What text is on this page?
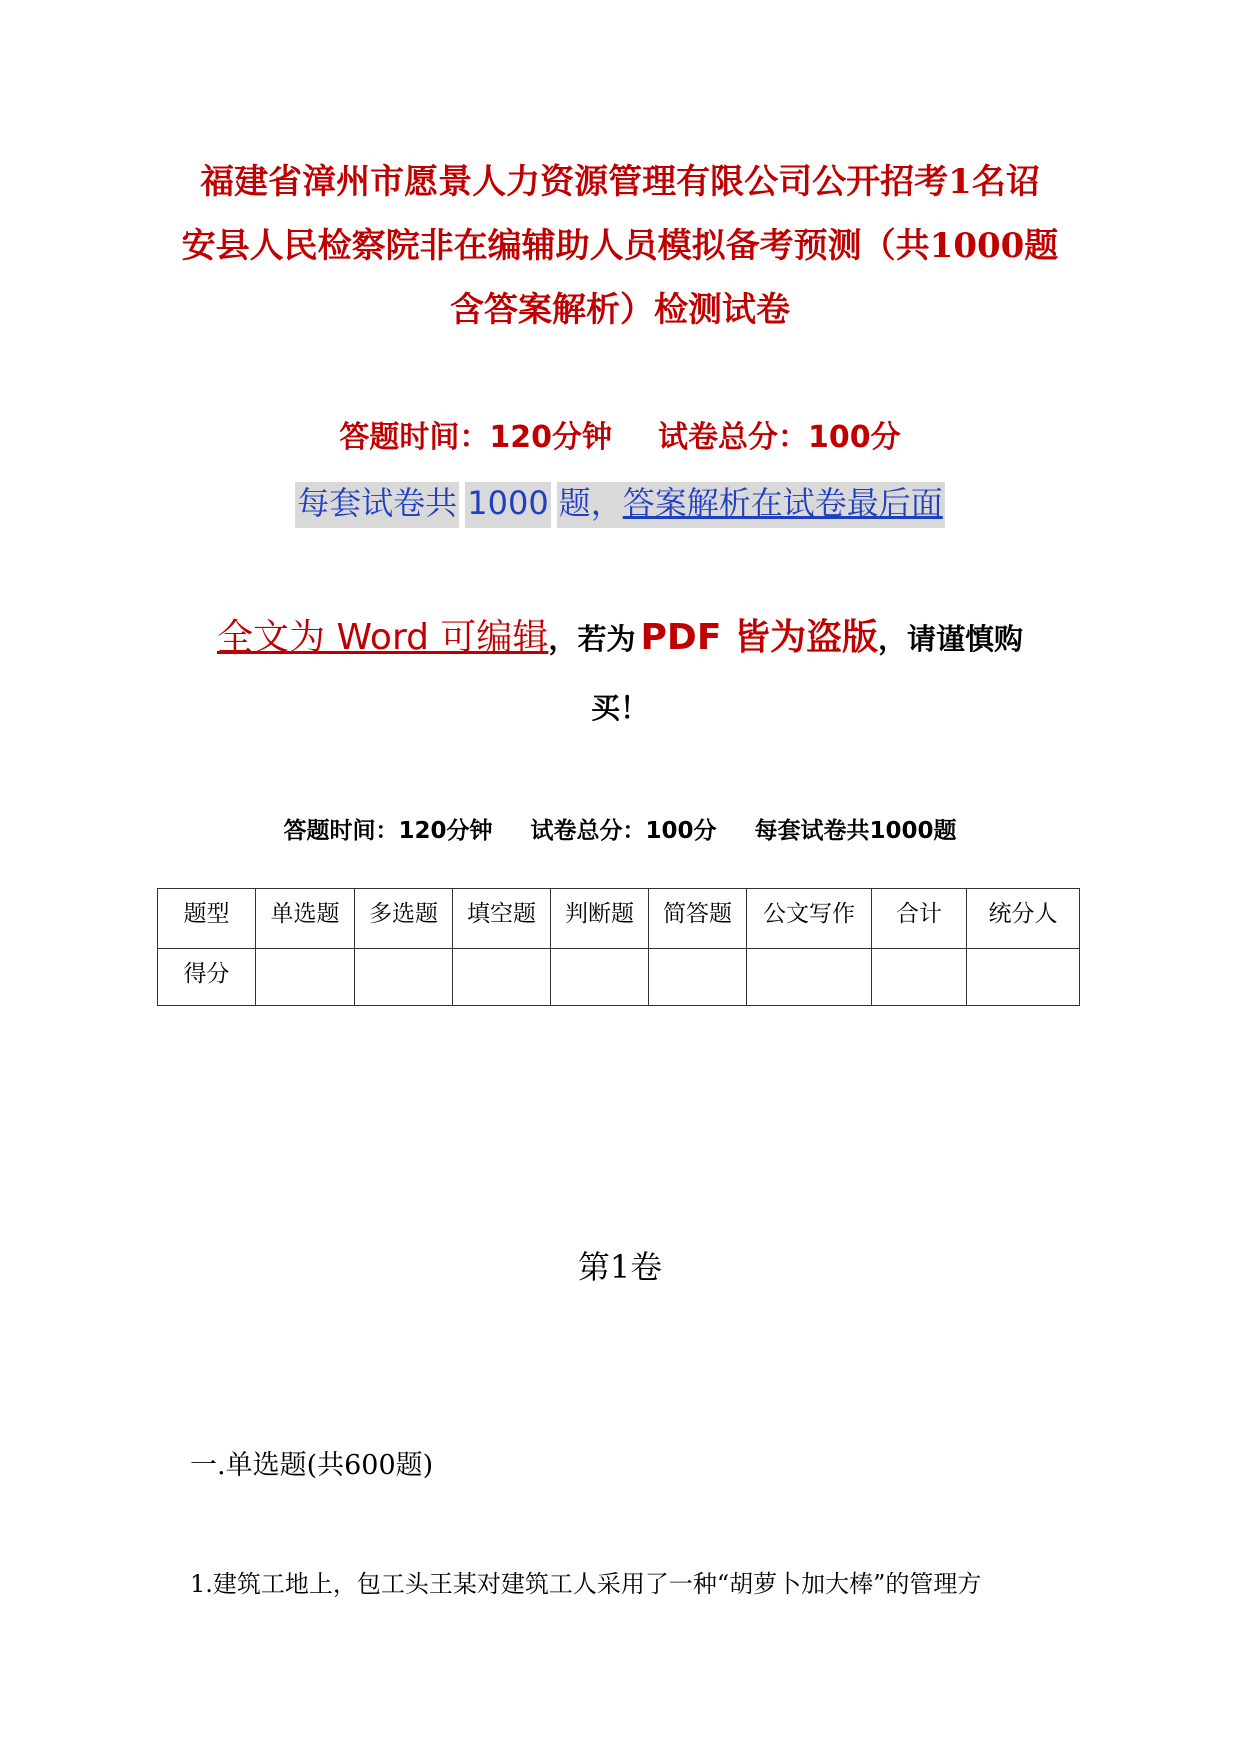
福建省漳州市愿景人力资源管理有限公司公开招考1名诏
安县人民检察院非在编辅助人员模拟备考预测（共1000题
含答案解析）检测试卷
答题时间：120分钟 试卷总分：100分
每套试卷共 1000 题，答案解析在试卷最后面
全文为 Word 可编辑，若为 PDF 皆为盗版，请谨慎购买！
答题时间：120分钟 试卷总分：100分 每套试卷共1000题
题型	单选题	多选题	填空题	判断题	简答题	公文写作	合计	统分人
得分								
第1卷
一.单选题(共600题)
1.建筑工地上，包工头王某对建筑工人采用了一种“胡萝卜加大棒”的管理方
